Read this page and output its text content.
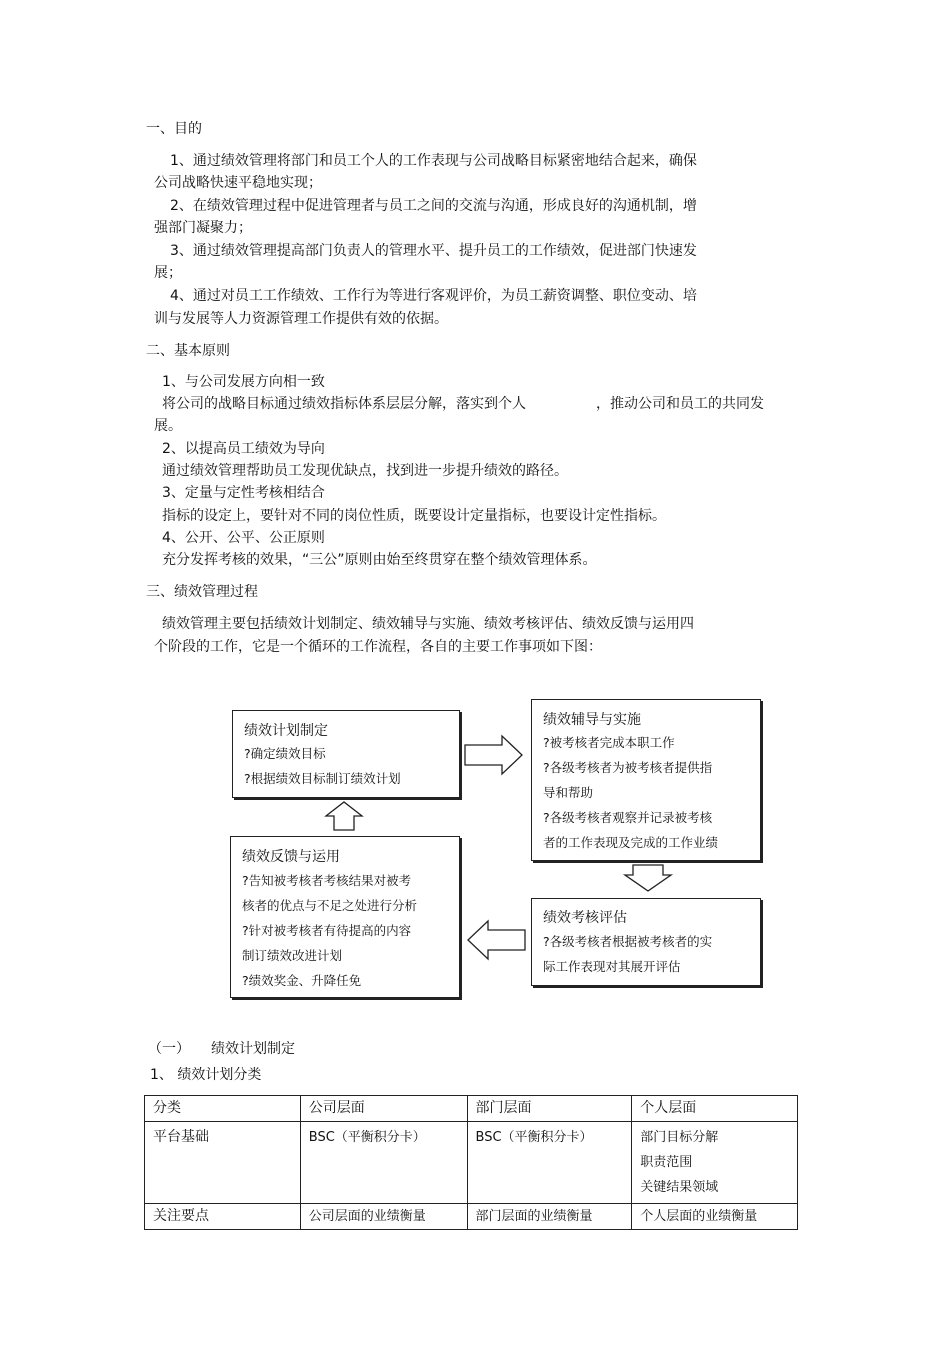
一、目的
1、通过绩效管理将部门和员工个人的工作表现与公司战略目标紧密地结合起来，确保
公司战略快速平稳地实现；
2、在绩效管理过程中促进管理者与员工之间的交流与沟通，形成良好的沟通机制，增
强部门凝聚力；
3、通过绩效管理提高部门负责人的管理水平、提升员工的工作绩效，促进部门快速发
展；
4、通过对员工工作绩效、工作行为等进行客观评价，为员工薪资调整、职位变动、培
训与发展等人力资源管理工作提供有效的依据。
二、基本原则
1、与公司发展方向相一致
将公司的战略目标通过绩效指标体系层层分解，落实到个人	，推动公司和员工的共同发
展。
2、以提高员工绩效为导向
通过绩效管理帮助员工发现优缺点，找到进一步提升绩效的路径。
3、定量与定性考核相结合
指标的设定上，要针对不同的岗位性质，既要设计定量指标，也要设计定性指标。
4、公开、公平、公正原则
充分发挥考核的效果，“三公”原则由始至终贯穿在整个绩效管理体系。
三、绩效管理过程
绩效管理主要包括绩效计划制定、绩效辅导与实施、绩效考核评估、绩效反馈与运用四
个阶段的工作，它是一个循环的工作流程，各自的主要工作事项如下图：
绩效计划制定
?确定绩效目标
?根据绩效目标制订绩效计划
绩效辅导与实施
?被考核者完成本职工作
?各级考核者为被考核者提供指
导和帮助
?各级考核者观察并记录被考核
者的工作表现及完成的工作业绩
绩效考核评估
?各级考核者根据被考核者的实
际工作表现对其展开评估
绩效反馈与运用
?告知被考核者考核结果对被考
核者的优点与不足之处进行分析
?针对被考核者有待提高的内容
制订绩效改进计划
?绩效奖金、升降任免
（一） 绩效计划制定
1、 绩效计划分类
分类	公司层面	部门层面	个人层面
平台基础	BSC（平衡积分卡）	BSC（平衡积分卡）	部门目标分解
职责范围
关键结果领域

关注要点	公司层面的业绩衡量	部门层面的业绩衡量	个人层面的业绩衡量
